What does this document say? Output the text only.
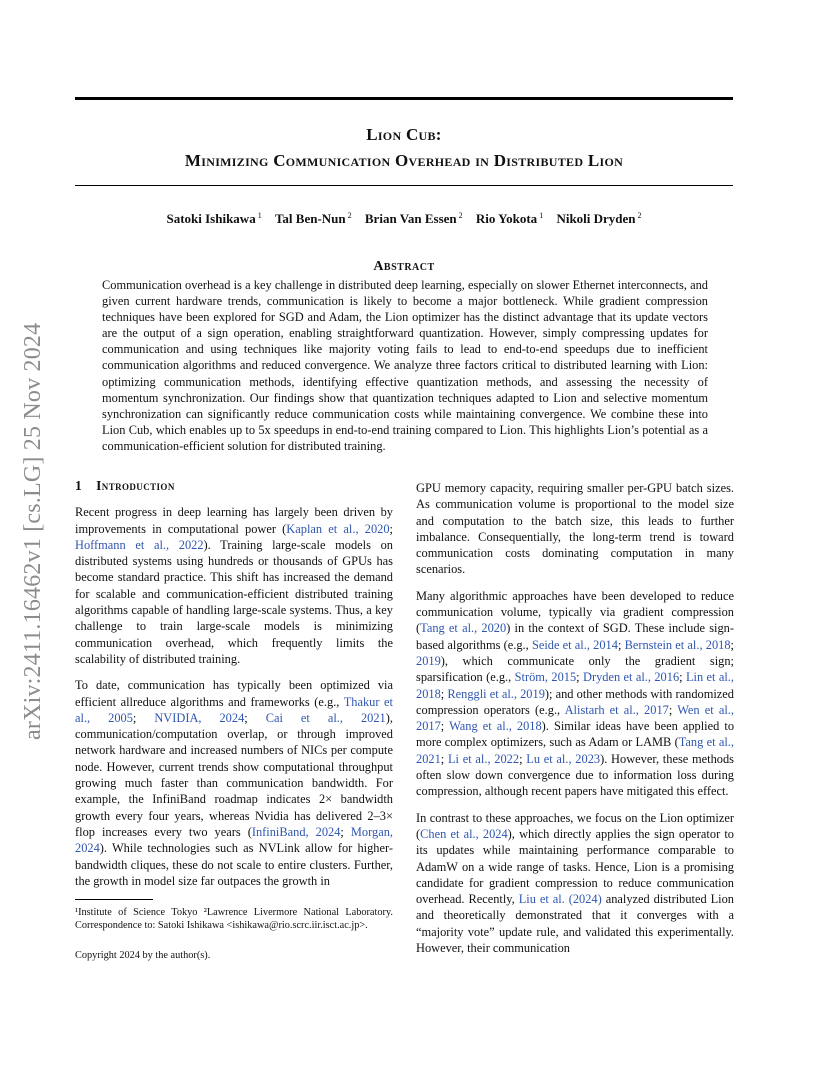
Lion Cub:
Minimizing Communication Overhead in Distributed Lion
Satoki Ishikawa $^1$ Tal Ben-Nun $^2$ Brian Van Essen $^2$ Rio Yokota $^1$ Nikoli Dryden $^2$
Abstract

Communication overhead is a key challenge in distributed deep learning, especially on slower Ethernet interconnects, and given current hardware trends, communication is likely to become a major bottleneck. While gradient compression techniques have been explored for SGD and Adam, the Lion optimizer has the distinct advantage that its update vectors are the output of a sign operation, enabling straightforward quantization. However, simply compressing updates for communication and using techniques like majority voting fails to lead to end-to-end speedups due to inefficient communication algorithms and reduced convergence. We analyze three factors critical to distributed learning with Lion: optimizing communication methods, identifying effective quantization methods, and assessing the necessity of momentum synchronization. Our findings show that quantization techniques adapted to Lion and selective momentum synchronization can significantly reduce communication costs while maintaining convergence. We combine these into Lion Cub, which enables up to 5x speedups in end-to-end training compared to Lion. This highlights Lion’s potential as a communication-efficient solution for distributed training.

arXiv:2411.16462v1 [cs.LG] 25 Nov 2024 1 Introduction

Recent progress in deep learning has largely been driven by improvements in computational power (Kaplan et al., 2020; Hoffmann et al., 2022). Training large-scale models on distributed systems using hundreds or thousands of GPUs has become standard practice. This shift has increased the demand for scalable and communication-efficient distributed training algorithms capable of handling large-scale systems. Thus, a key challenge to train large-scale models is minimizing communication overhead, which frequently limits the scalability of distributed training.

To date, communication has typically been optimized via efficient allreduce algorithms and frameworks (e.g., Thakur et al., 2005; NVIDIA, 2024; Cai et al., 2021), communication/computation overlap, or through improved network hardware and increased numbers of NICs per compute node. However, current trends show computational throughput growing much faster than communication bandwidth. For example, the InfiniBand roadmap indicates 2× bandwidth growth every four years, whereas Nvidia has delivered 2–3× flop increases every two years (InfiniBand, 2024; Morgan, 2024). While technologies such as NVLink allow for higher-bandwidth cliques, these do not scale to entire clusters. Further, the growth in model size far outpaces the growth in

¹Institute of Science Tokyo ²Lawrence Livermore National Laboratory. Correspondence to: Satoki Ishikawa <ishikawa@rio.scrc.iir.isct.ac.jp>.

Copyright 2024 by the author(s).

GPU memory capacity, requiring smaller per-GPU batch sizes. As communication volume is proportional to the model size and computation to the batch size, this leads to further imbalance. Consequentially, the long-term trend is toward communication costs dominating computation in many scenarios.

Many algorithmic approaches have been developed to reduce communication volume, typically via gradient compression (Tang et al., 2020) in the context of SGD. These include sign-based algorithms (e.g., Seide et al., 2014; Bernstein et al., 2018; 2019), which communicate only the gradient sign; sparsification (e.g., Ström, 2015; Dryden et al., 2016; Lin et al., 2018; Renggli et al., 2019); and other methods with randomized compression operators (e.g., Alistarh et al., 2017; Wen et al., 2017; Wang et al., 2018). Similar ideas have been applied to more complex optimizers, such as Adam or LAMB (Tang et al., 2021; Li et al., 2022; Lu et al., 2023). However, these methods often slow down convergence due to information loss during compression, although recent papers have mitigated this effect.

In contrast to these approaches, we focus on the Lion optimizer (Chen et al., 2024), which directly applies the sign operator to its updates while maintaining performance comparable to AdamW on a wide range of tasks. Hence, Lion is a promising candidate for gradient compression to reduce communication overhead. Recently, Liu et al. (2024) analyzed distributed Lion and theoretically demonstrated that it converges with a “majority vote” update rule, and validated this experimentally. However, their communication
